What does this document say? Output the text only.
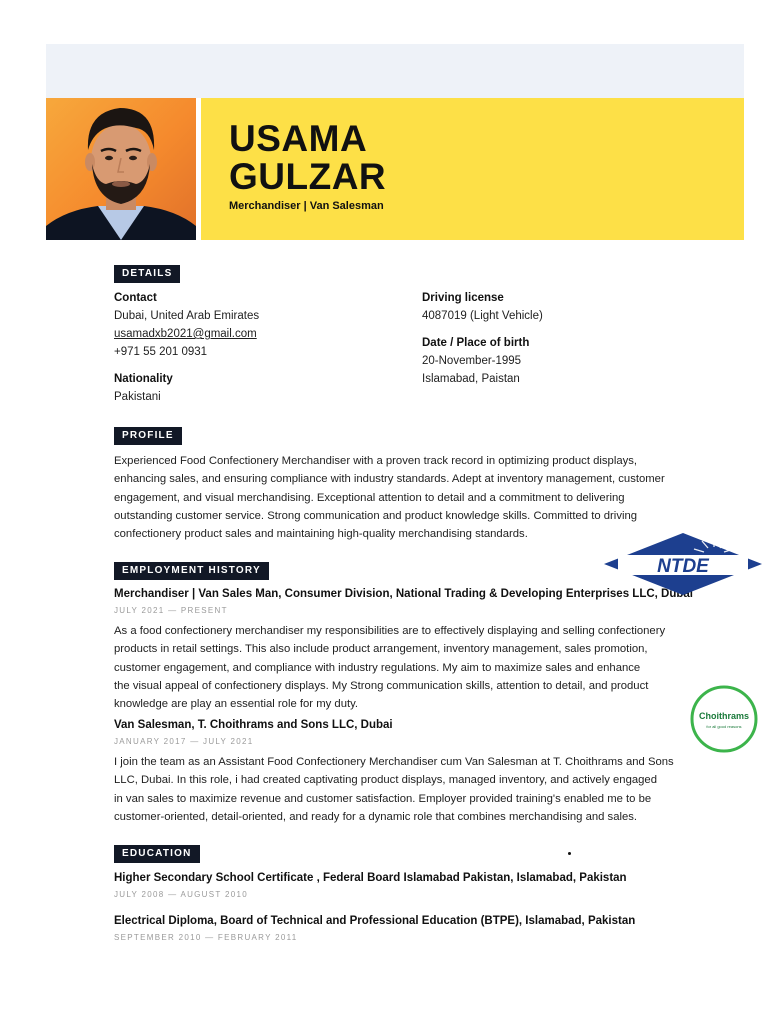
USAMA
GULZAR
Merchandiser | Van Salesman
DETAILS
Contact
Dubai, United Arab Emirates
usamadxb2021@gmail.com
+971 55 201 0931
Nationality
Pakistani
Driving license
4087019 (Light Vehicle)
Date / Place of birth
20-November-1995
Islamabad, Paistan
PROFILE
Experienced Food Confectionery Merchandiser with a proven track record in optimizing product displays,
enhancing sales, and ensuring compliance with industry standards. Adept at inventory management, customer
engagement, and visual merchandising. Exceptional attention to detail and a commitment to delivering
outstanding customer service. Strong communication and product knowledge skills. Committed to driving
confectionery product sales and maintaining high-quality merchandising standards.
EMPLOYMENT HISTORY
Merchandiser | Van Sales Man, Consumer Division, National Trading & Developing Enterprises LLC, Dubai
JULY 2021 — PRESENT
As a food confectionery merchandiser my responsibilities are to effectively displaying and selling confectionery
products in retail settings. This also include product arrangement, inventory management, sales promotion,
customer engagement, and compliance with industry regulations. My aim to maximize sales and enhance
the visual appeal of confectionery displays. My Strong communication skills, attention to detail, and product
knowledge are play an essential role for my duty.
Van Salesman, T. Choithrams and Sons LLC, Dubai
JANUARY 2017 — JULY 2021
I join the team as an Assistant Food Confectionery Merchandiser cum Van Salesman at T. Choithrams and Sons
LLC, Dubai. In this role, i had created captivating product displays, managed inventory, and actively engaged
in van sales to maximize revenue and customer satisfaction. Employer provided training's enabled me to be
customer-oriented, detail-oriented, and ready for a dynamic role that combines merchandising and sales.
EDUCATION
Higher Secondary School Certificate , Federal Board Islamabad Pakistan, Islamabad, Pakistan
JULY 2008 — AUGUST 2010
Electrical Diploma, Board of Technical and Professional Education (BTPE), Islamabad, Pakistan
SEPTEMBER 2010 — FEBRUARY 2011
NTDE
Choithrams
for all good reasons
